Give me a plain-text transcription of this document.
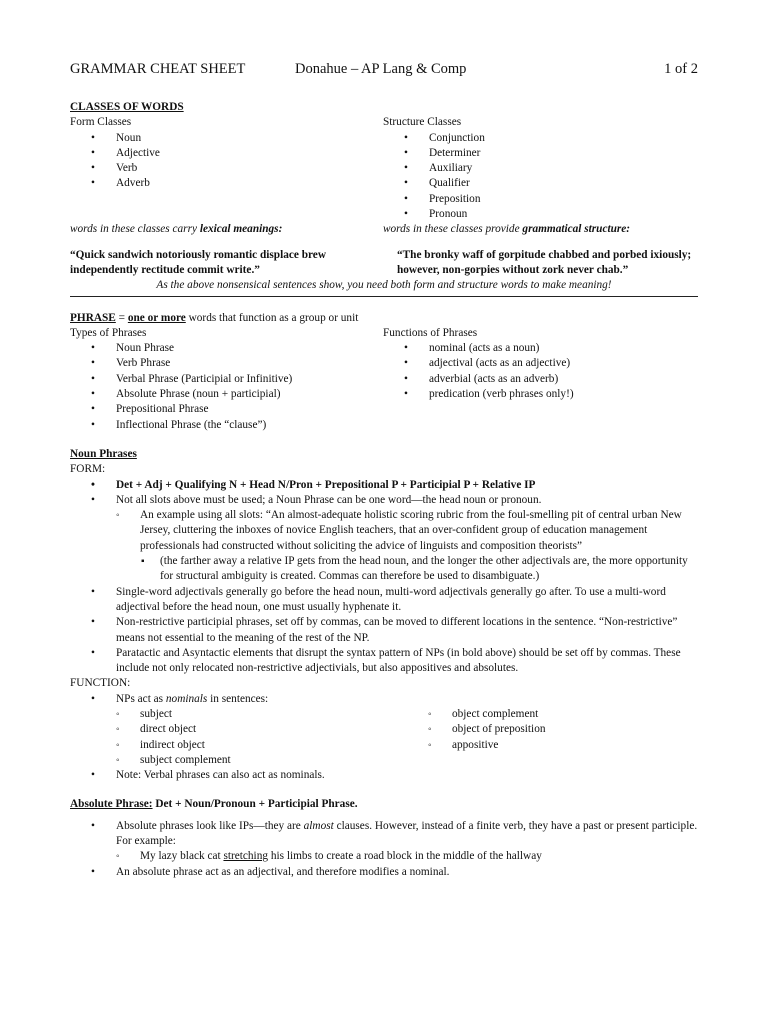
GRAMMAR CHEAT SHEET	Donahue – AP Lang & Comp	1 of 2
CLASSES OF WORDS
Form Classes
• Noun
• Adjective
• Verb
• Adverb
words in these classes carry lexical meanings:
Structure Classes
• Conjunction
• Determiner
• Auxiliary
• Qualifier
• Preposition
• Pronoun
words in these classes provide grammatical structure:
“Quick sandwich notoriously romantic displace brew independently rectitude commit write.”
“The bronky waff of gorpitude chabbed and porbed ixiously; however, non-gorpies without zork never chab.”
As the above nonsensical sentences show, you need both form and structure words to make meaning!
PHRASE = one or more words that function as a group or unit
Types of Phrases
• Noun Phrase
• Verb Phrase
• Verbal Phrase (Participial or Infinitive)
• Absolute Phrase (noun + participial)
• Prepositional Phrase
• Inflectional Phrase (the “clause”)
Functions of Phrases
• nominal (acts as a noun)
• adjectival (acts as an adjective)
• adverbial (acts as an adverb)
• predication (verb phrases only!)
Noun Phrases
FORM:
• Det + Adj + Qualifying N + Head N/Pron + Prepositional P + Participial P + Relative IP
• Not all slots above must be used; a Noun Phrase can be one word—the head noun or pronoun.
◦ An example using all slots: “An almost-adequate holistic scoring rubric from the foul-smelling pit of central urban New Jersey, cluttering the inboxes of novice English teachers, that an over-confident group of education management professionals had constructed without soliciting the advice of linguists and composition theorists”
▪ (the farther away a relative IP gets from the head noun, and the longer the other adjectivals are, the more opportunity for structural ambiguity is created. Commas can therefore be used to disambiguate.)
• Single-word adjectivals generally go before the head noun, multi-word adjectivals generally go after. To use a multi-word adjectival before the head noun, one must usually hyphenate it.
• Non-restrictive participial phrases, set off by commas, can be moved to different locations in the sentence. “Non-restrictive” means not essential to the meaning of the rest of the NP.
• Paratactic and Asyntactic elements that disrupt the syntax pattern of NPs (in bold above) should be set off by commas. These include not only relocated non-restrictive adjectivials, but also appositives and absolutes.
FUNCTION:
• NPs act as nominals in sentences:
◦ subject
◦ direct object
◦ indirect object
◦ subject complement
◦ object complement
◦ object of preposition
◦ appositive
• Note: Verbal phrases can also act as nominals.
Absolute Phrase: Det + Noun/Pronoun + Participial Phrase.
• Absolute phrases look like IPs—they are almost clauses. However, instead of a finite verb, they have a past or present participle. For example:
◦ My lazy black cat stretching his limbs to create a road block in the middle of the hallway
• An absolute phrase act as an adjectival, and therefore modifies a nominal.
